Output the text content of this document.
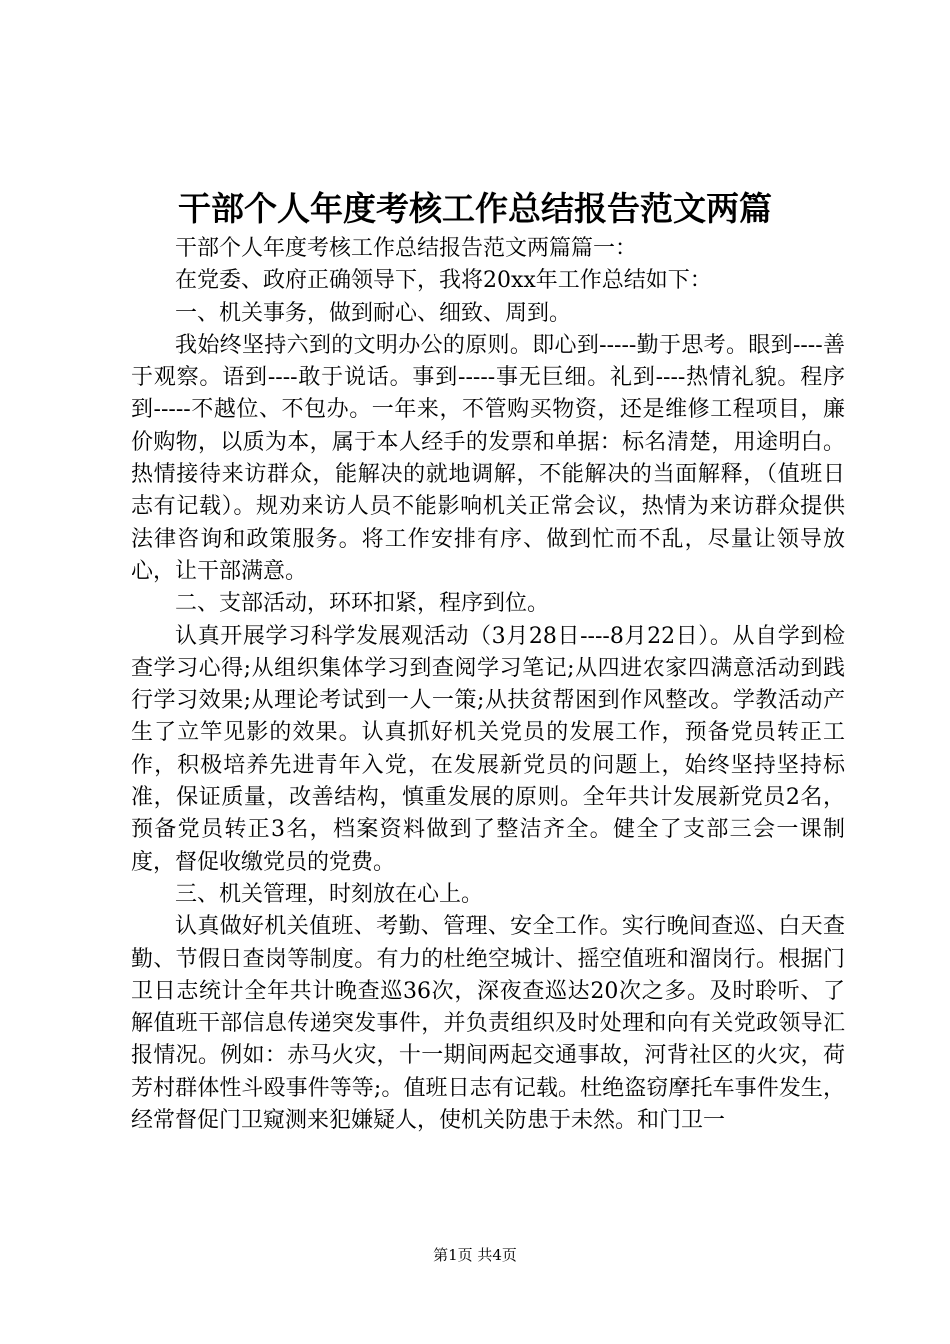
干部个人年度考核工作总结报告范文两篇

干部个人年度考核工作总结报告范文两篇篇一：

在党委、政府正确领导下，我将20xx年工作总结如下：

一、机关事务，做到耐心、细致、周到。

我始终坚持六到的文明办公的原则。即心到-----勤于思考。眼到----善于观察。语到----敢于说话。事到-----事无巨细。礼到----热情礼貌。程序到-----不越位、不包办。一年来，不管购买物资，还是维修工程项目，廉价购物，以质为本，属于本人经手的发票和单据：标名清楚，用途明白。热情接待来访群众，能解决的就地调解，不能解决的当面解释，（值班日志有记载）。规劝来访人员不能影响机关正常会议，热情为来访群众提供法律咨询和政策服务。将工作安排有序、做到忙而不乱，尽量让领导放心，让干部满意。

二、支部活动，环环扣紧，程序到位。

认真开展学习科学发展观活动（3月28日----8月22日）。从自学到检查学习心得;从组织集体学习到查阅学习笔记;从四进农家四满意活动到践行学习效果;从理论考试到一人一策;从扶贫帮困到作风整改。学教活动产生了立竿见影的效果。认真抓好机关党员的发展工作，预备党员转正工作，积极培养先进青年入党，在发展新党员的问题上，始终坚持坚持标准，保证质量，改善结构，慎重发展的原则。全年共计发展新党员2名，预备党员转正3名，档案资料做到了整洁齐全。健全了支部三会一课制度，督促收缴党员的党费。

三、机关管理，时刻放在心上。

认真做好机关值班、考勤、管理、安全工作。实行晚间查巡、白天查勤、节假日查岗等制度。有力的杜绝空城计、摇空值班和溜岗行。根据门卫日志统计全年共计晚查巡36次，深夜查巡达20次之多。及时聆听、了解值班干部信息传递突发事件，并负责组织及时处理和向有关党政领导汇报情况。例如：赤马火灾，十一期间两起交通事故，河背社区的火灾，荷芳村群体性斗殴事件等等;。值班日志有记载。杜绝盗窃摩托车事件发生，经常督促门卫窥测来犯嫌疑人，使机关防患于未然。和门卫一

第1页 共4页
